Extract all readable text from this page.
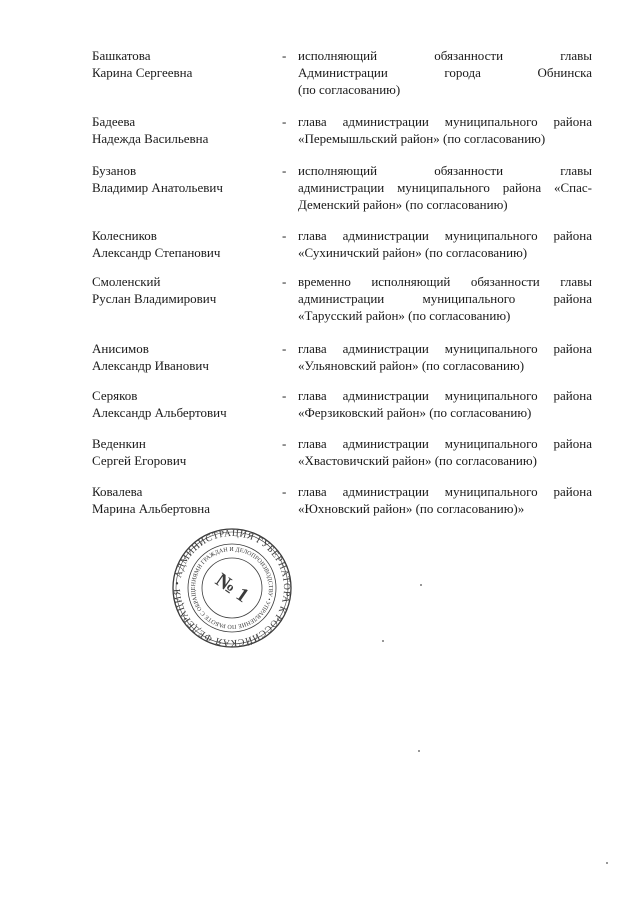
Башкатова
Карина Сергеевна
- исполняющий обязанности главы
Администрации города Обнинска
(по согласованию)
Бадеева
Надежда Васильевна
- глава администрации муниципального района
«Перемышльский район» (по согласованию)
Бузанов
Владимир Анатольевич
- исполняющий обязанности главы
администрации муниципального района «Спас-
Деменский район» (по согласованию)
Колесников
Александр Степанович
- глава администрации муниципального района
«Сухиничский район» (по согласованию)
Смоленский
Руслан Владимирович
- временно исполняющий обязанности главы
администрации муниципального района
«Тарусский район» (по согласованию)
Анисимов
Александр Иванович
- глава администрации муниципального района
«Ульяновский район» (по согласованию)
Серяков
Александр Альбертович
- глава администрации муниципального района
«Ферзиковский район» (по согласованию)
Веденкин
Сергей Егорович
- глава администрации муниципального района
«Хвастовичский район» (по согласованию)
Ковалева
Марина Альбертовна
- глава администрации муниципального района
«Юхновский район» (по согласованию)»
РОССИЙСКАЯ ФЕДЕРАЦИЯ • АДМИНИСТРАЦИЯ ГУБЕРНАТОРА КАЛУЖСКОЙ
УПРАВЛЕНИЕ ПО РАБОТЕ С ОБРАЩЕНИЯМИ ГРАЖДАН И ДЕЛОПРОИЗВОДСТВУ •
№ 1
